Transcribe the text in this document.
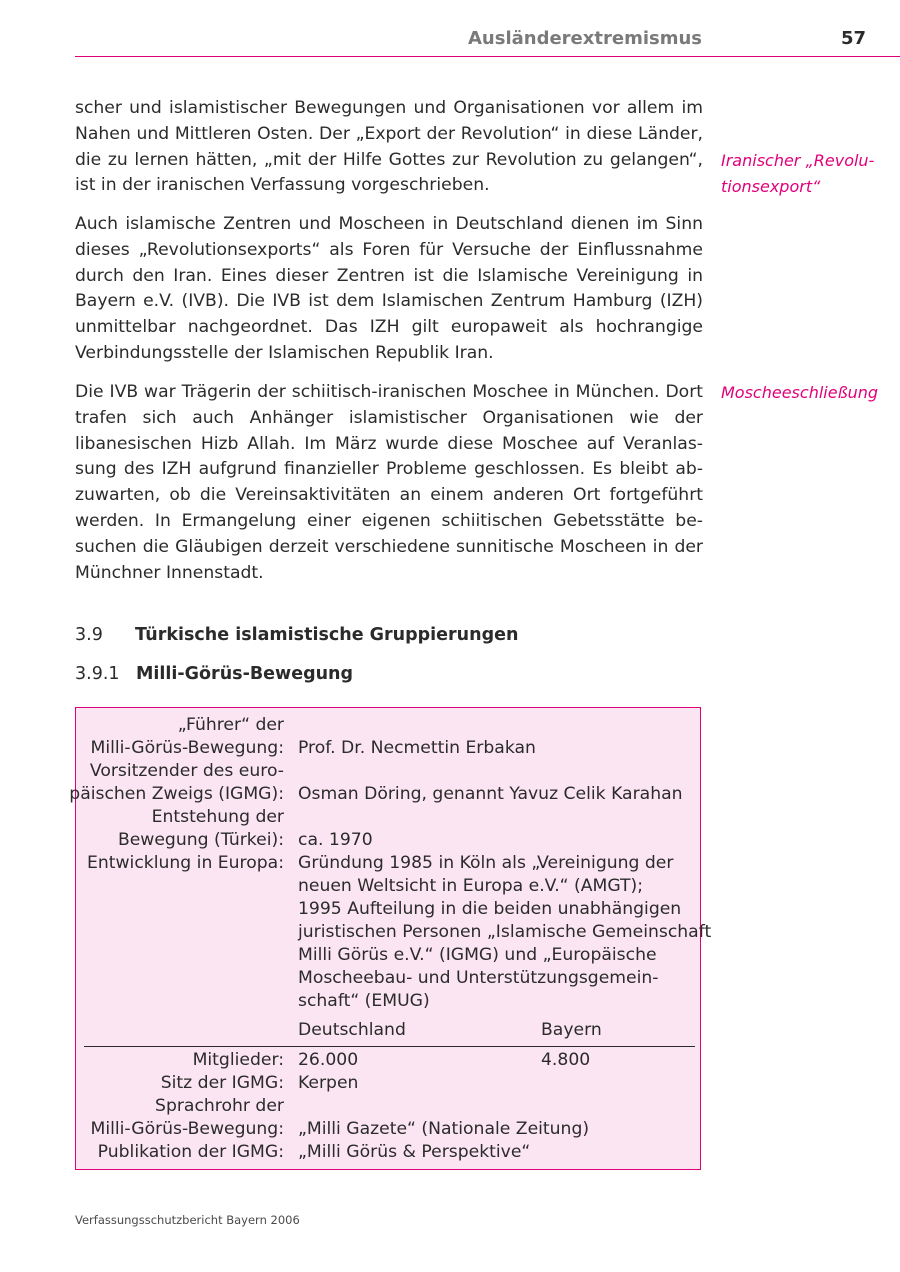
Ausländerextremismus	57

scher und islamistischer Bewegungen und Organisationen vor allem im Nahen und Mittleren Osten. Der „Export der Revolution“ in diese Länder, die zu lernen hätten, „mit der Hilfe Gottes zur Revolution zu gelangen“, ist in der iranischen Verfassung vorgeschrieben.

Iranischer „Revolu-
tionsexport“

Auch islamische Zentren und Moscheen in Deutschland dienen im Sinn dieses „Revolutionsexports“ als Foren für Versuche der Einflussnahme durch den Iran. Eines dieser Zentren ist die Islamische Vereinigung in Bayern e.V. (IVB). Die IVB ist dem Islamischen Zentrum Hamburg (IZH) unmittelbar nachgeordnet. Das IZH gilt europaweit als hochrangige Verbindungsstelle der Islamischen Republik Iran.

Die IVB war Trägerin der schiitisch-iranischen Moschee in München. Dort trafen sich auch Anhänger islamistischer Organisationen wie der libanesischen Hizb Allah. Im März wurde diese Moschee auf Veranlas- sung des IZH aufgrund finanzieller Probleme geschlossen. Es bleibt ab- zuwarten, ob die Vereinsaktivitäten an einem anderen Ort fortgeführt werden. In Ermangelung einer eigenen schiitischen Gebetsstätte be- suchen die Gläubigen derzeit verschiedene sunnitische Moscheen in der Münchner Innenstadt.

Moscheeschließung

3.9 Türkische islamistische Gruppierungen
3.9.1 Milli-Görüs-Bewegung
„Führer“ der
Milli-Görüs-Bewegung: Prof. Dr. Necmettin Erbakan
Vorsitzender des euro-
päischen Zweigs (IGMG): Osman Döring, genannt Yavuz Celik Karahan
Entstehung der
Bewegung (Türkei): ca. 1970
Entwicklung in Europa: Gründung 1985 in Köln als „Vereinigung der
neuen Weltsicht in Europa e.V.“ (AMGT);
1995 Aufteilung in die beiden unabhängigen
juristischen Personen „Islamische Gemeinschaft
Milli Görüs e.V.“ (IGMG) und „Europäische
Moscheebau- und Unterstützungsgemein-
schaft“ (EMUG)
Deutschland	Bayern
Mitglieder: 26.000	4.800
Sitz der IGMG: Kerpen
Sprachrohr der
Milli-Görüs-Bewegung: „Milli Gazete“ (Nationale Zeitung)
Publikation der IGMG: „Milli Görüs & Perspektive“
Verfassungsschutzbericht Bayern 2006
